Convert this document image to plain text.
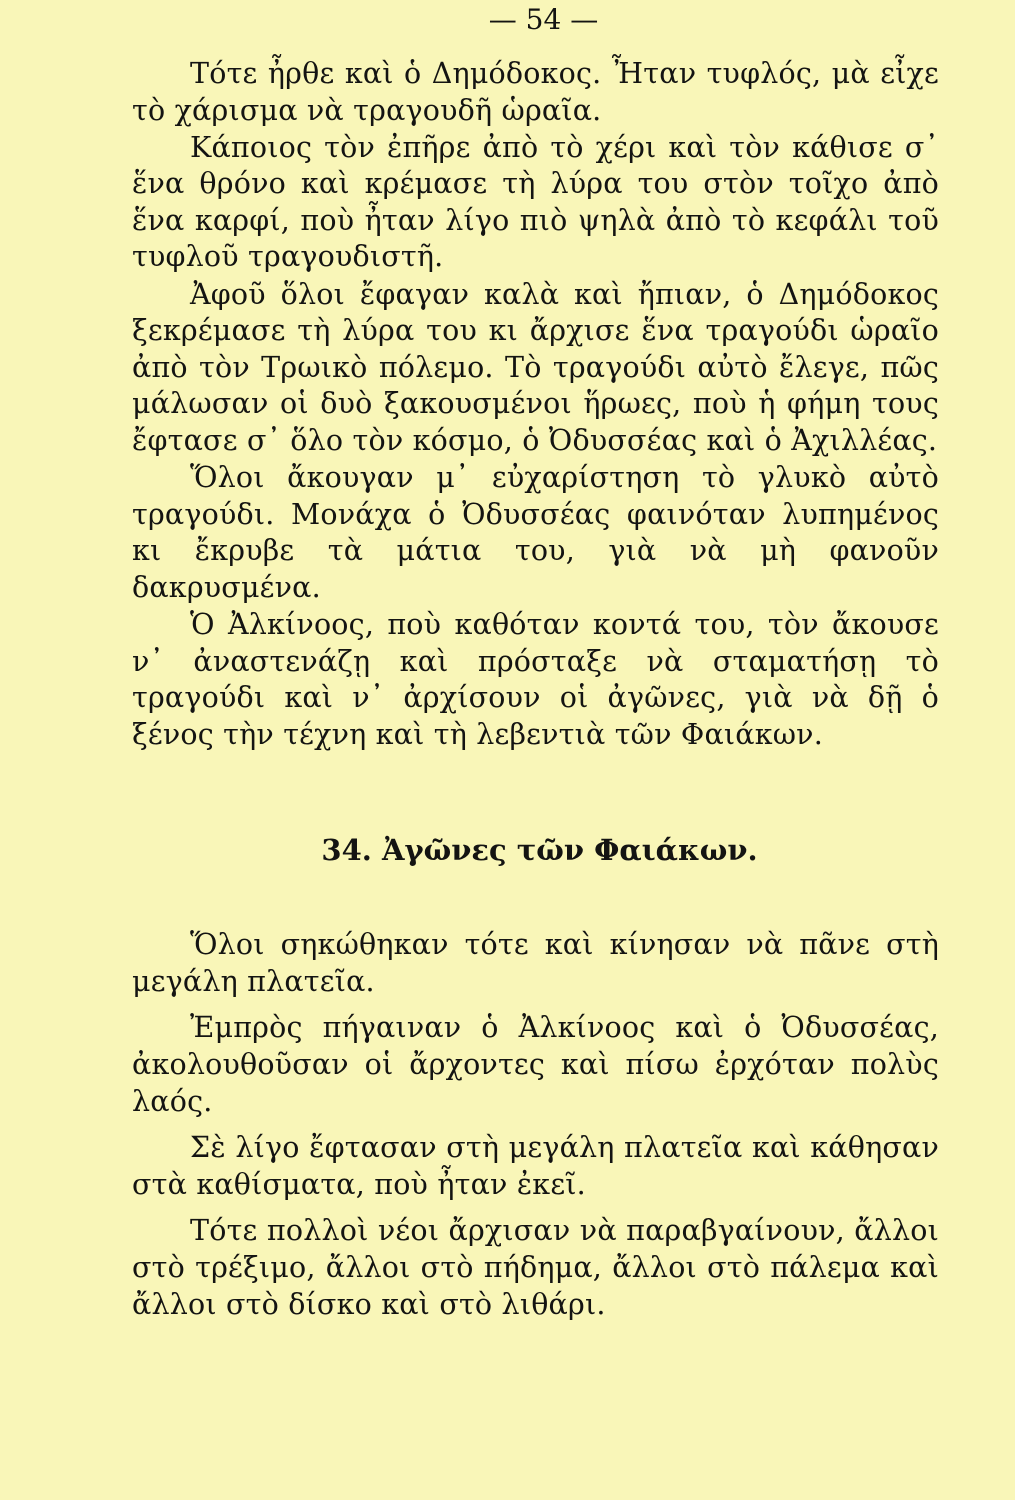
— 54 —

Τότε ἦρθε καὶ ὁ Δημόδοκος. Ἦταν τυφλός, μὰ εἶχε τὸ χάρισμα νὰ τραγουδῆ ὡραῖα.

Κάποιος τὸν ἐπῆρε ἀπὸ τὸ χέρι καὶ τὸν κάθισε σ᾿ ἕνα θρόνο καὶ κρέμασε τὴ λύρα του στὸν τοῖχο ἀπὸ ἕνα καρφί, ποὺ ἦταν λίγο πιὸ ψηλὰ ἀπὸ τὸ κεφάλι τοῦ τυφλοῦ τραγουδιστῆ.

Ἀφοῦ ὅλοι ἔφαγαν καλὰ καὶ ἤπιαν, ὁ Δημόδοκος ξεκρέμασε τὴ λύρα του κι ἄρχισε ἕνα τραγούδι ὡραῖο ἀπὸ τὸν Τρωικὸ πόλεμο. Τὸ τραγούδι αὐτὸ ἔλεγε, πῶς μάλωσαν οἱ δυὸ ξακουσμένοι ἥρωες, ποὺ ἡ φήμη τους ἔφτασε σ᾿ ὅλο τὸν κόσμο, ὁ Ὀδυσσέας καὶ ὁ Ἀχιλλέας.

Ὅλοι ἄκουγαν μ᾿ εὐχαρίστηση τὸ γλυκὸ αὐτὸ τραγούδι. Μονάχα ὁ Ὀδυσσέας φαινόταν λυπημένος κι ἔκρυβε τὰ μάτια του, γιὰ νὰ μὴ φανοῦν δακρυσμένα.

Ὁ Ἀλκίνοος, ποὺ καθόταν κοντά του, τὸν ἄκουσε ν᾿ ἀναστενάζῃ καὶ πρόσταξε νὰ σταματήσῃ τὸ τραγούδι καὶ ν᾿ ἀρχίσουν οἱ ἀγῶνες, γιὰ νὰ δῇ ὁ ξένος τὴν τέχνη καὶ τὴ λεβεντιὰ τῶν Φαιάκων.

34. Ἀγῶνες τῶν Φαιάκων.

Ὅλοι σηκώθηκαν τότε καὶ κίνησαν νὰ πᾶνε στὴ μεγάλη πλατεῖα.

Ἐμπρὸς πήγαιναν ὁ Ἀλκίνοος καὶ ὁ Ὀδυσσέας, ἀκολουθοῦσαν οἱ ἄρχοντες καὶ πίσω ἐρχόταν πολὺς λαός.

Σὲ λίγο ἔφτασαν στὴ μεγάλη πλατεῖα καὶ κάθησαν στὰ καθίσματα, ποὺ ἦταν ἐκεῖ.

Τότε πολλοὶ νέοι ἄρχισαν νὰ παραβγαίνουν, ἄλλοι στὸ τρέξιμο, ἄλλοι στὸ πήδημα, ἄλλοι στὸ πάλεμα καὶ ἄλλοι στὸ δίσκο καὶ στὸ λιθάρι.
